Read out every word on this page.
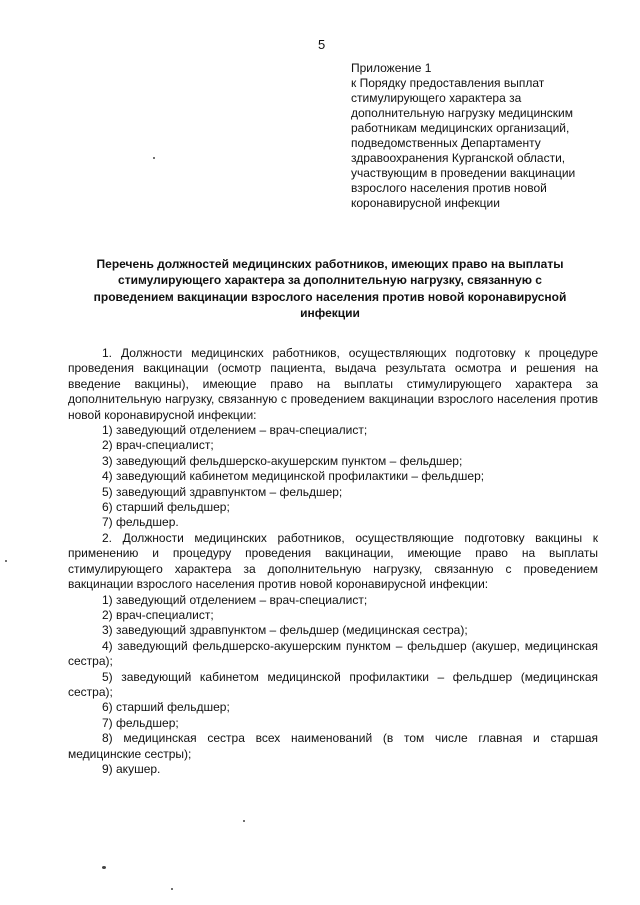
5
Приложение 1
к Порядку предоставления выплат
стимулирующего характера за
дополнительную нагрузку медицинским
работникам медицинских организаций,
подведомственных Департаменту
здравоохранения Курганской области,
участвующим в проведении вакцинации
взрослого населения против новой
коронавирусной инфекции
Перечень должностей медицинских работников, имеющих право на выплаты
стимулирующего характера за дополнительную нагрузку, связанную с
проведением вакцинации взрослого населения против новой коронавирусной
инфекции
1. Должности медицинских работников, осуществляющих подготовку к процедуре проведения вакцинации (осмотр пациента, выдача результата осмотра и решения на введение вакцины), имеющие право на выплаты стимулирующего характера за дополнительную нагрузку, связанную с проведением вакцинации взрослого населения против новой коронавирусной инфекции:
1) заведующий отделением – врач-специалист;
2) врач-специалист;
3) заведующий фельдшерско-акушерским пунктом – фельдшер;
4) заведующий кабинетом медицинской профилактики – фельдшер;
5) заведующий здравпунктом – фельдшер;
6) старший фельдшер;
7) фельдшер.
2. Должности медицинских работников, осуществляющие подготовку вакцины к применению и процедуру проведения вакцинации, имеющие право на выплаты стимулирующего характера за дополнительную нагрузку, связанную с проведением вакцинации взрослого населения против новой коронавирусной инфекции:
1) заведующий отделением – врач-специалист;
2) врач-специалист;
3) заведующий здравпунктом – фельдшер (медицинская сестра);
4) заведующий фельдшерско-акушерским пунктом – фельдшер (акушер, медицинская сестра);
5) заведующий кабинетом медицинской профилактики – фельдшер (медицинская сестра);
6) старший фельдшер;
7) фельдшер;
8) медицинская сестра всех наименований (в том числе главная и старшая медицинские сестры);
9) акушер.
